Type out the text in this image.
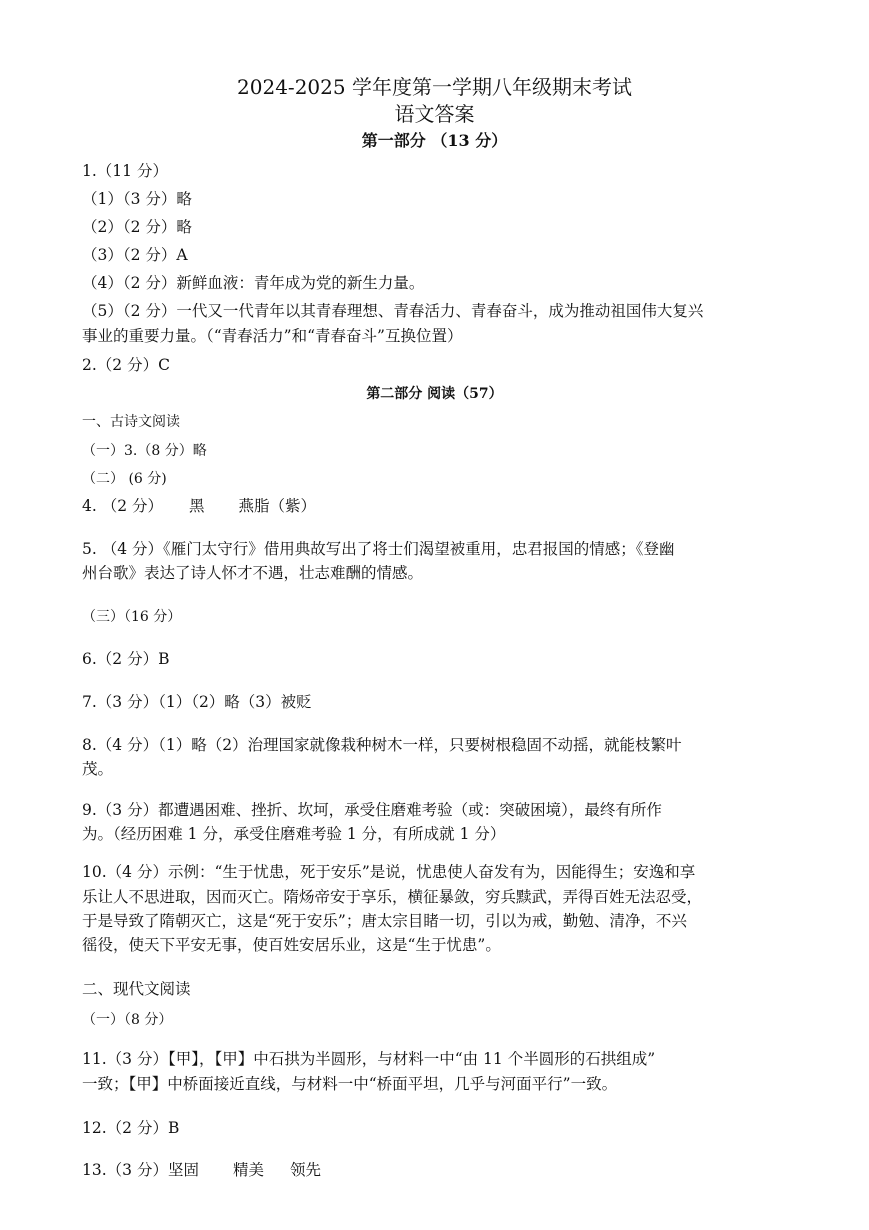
2024-2025 学年度第一学期八年级期末考试
语文答案
第一部分 （13 分）
1.（11 分）
（1）（3 分）略
（2）（2 分）略
（3）（2 分）A
（4）（2 分）新鲜血液：青年成为党的新生力量。
（5）（2 分）一代又一代青年以其青春理想、青春活力、青春奋斗，成为推动祖国伟大复兴
事业的重要力量。（“青春活力”和“青春奋斗”互换位置）
2.（2 分）C
第二部分 阅读（57）
一、古诗文阅读
（一）3.（8 分）略
（二） (6 分)
4. （2 分） 黑 燕脂（紫）
5. （4 分）《雁门太守行》借用典故写出了将士们渴望被重用，忠君报国的情感；《登幽
州台歌》表达了诗人怀才不遇，壮志难酬的情感。
（三）（16 分）
6.（2 分）B
7.（3 分）（1）（2）略（3）被贬
8.（4 分）（1）略（2）治理国家就像栽种树木一样，只要树根稳固不动摇，就能枝繁叶
茂。
9.（3 分）都遭遇困难、挫折、坎坷，承受住磨难考验（或：突破困境），最终有所作
为。（经历困难 1 分，承受住磨难考验 1 分，有所成就 1 分）
10.（4 分）示例：“生于忧患，死于安乐”是说，忧患使人奋发有为，因能得生；安逸和享
乐让人不思进取，因而灭亡。隋炀帝安于享乐，横征暴敛，穷兵黩武，弄得百姓无法忍受，
于是导致了隋朝灭亡，这是“死于安乐”；唐太宗目睹一切，引以为戒，勤勉、清净，不兴
徭役，使天下平安无事，使百姓安居乐业，这是“生于忧患”。
二、现代文阅读
（一）（8 分）
11.（3 分）【甲】，【甲】中石拱为半圆形，与材料一中“由 11 个半圆形的石拱组成”
一致；【甲】中桥面接近直线，与材料一中“桥面平坦，几乎与河面平行”一致。
12.（2 分）B
13.（3 分）坚固 精美 领先
